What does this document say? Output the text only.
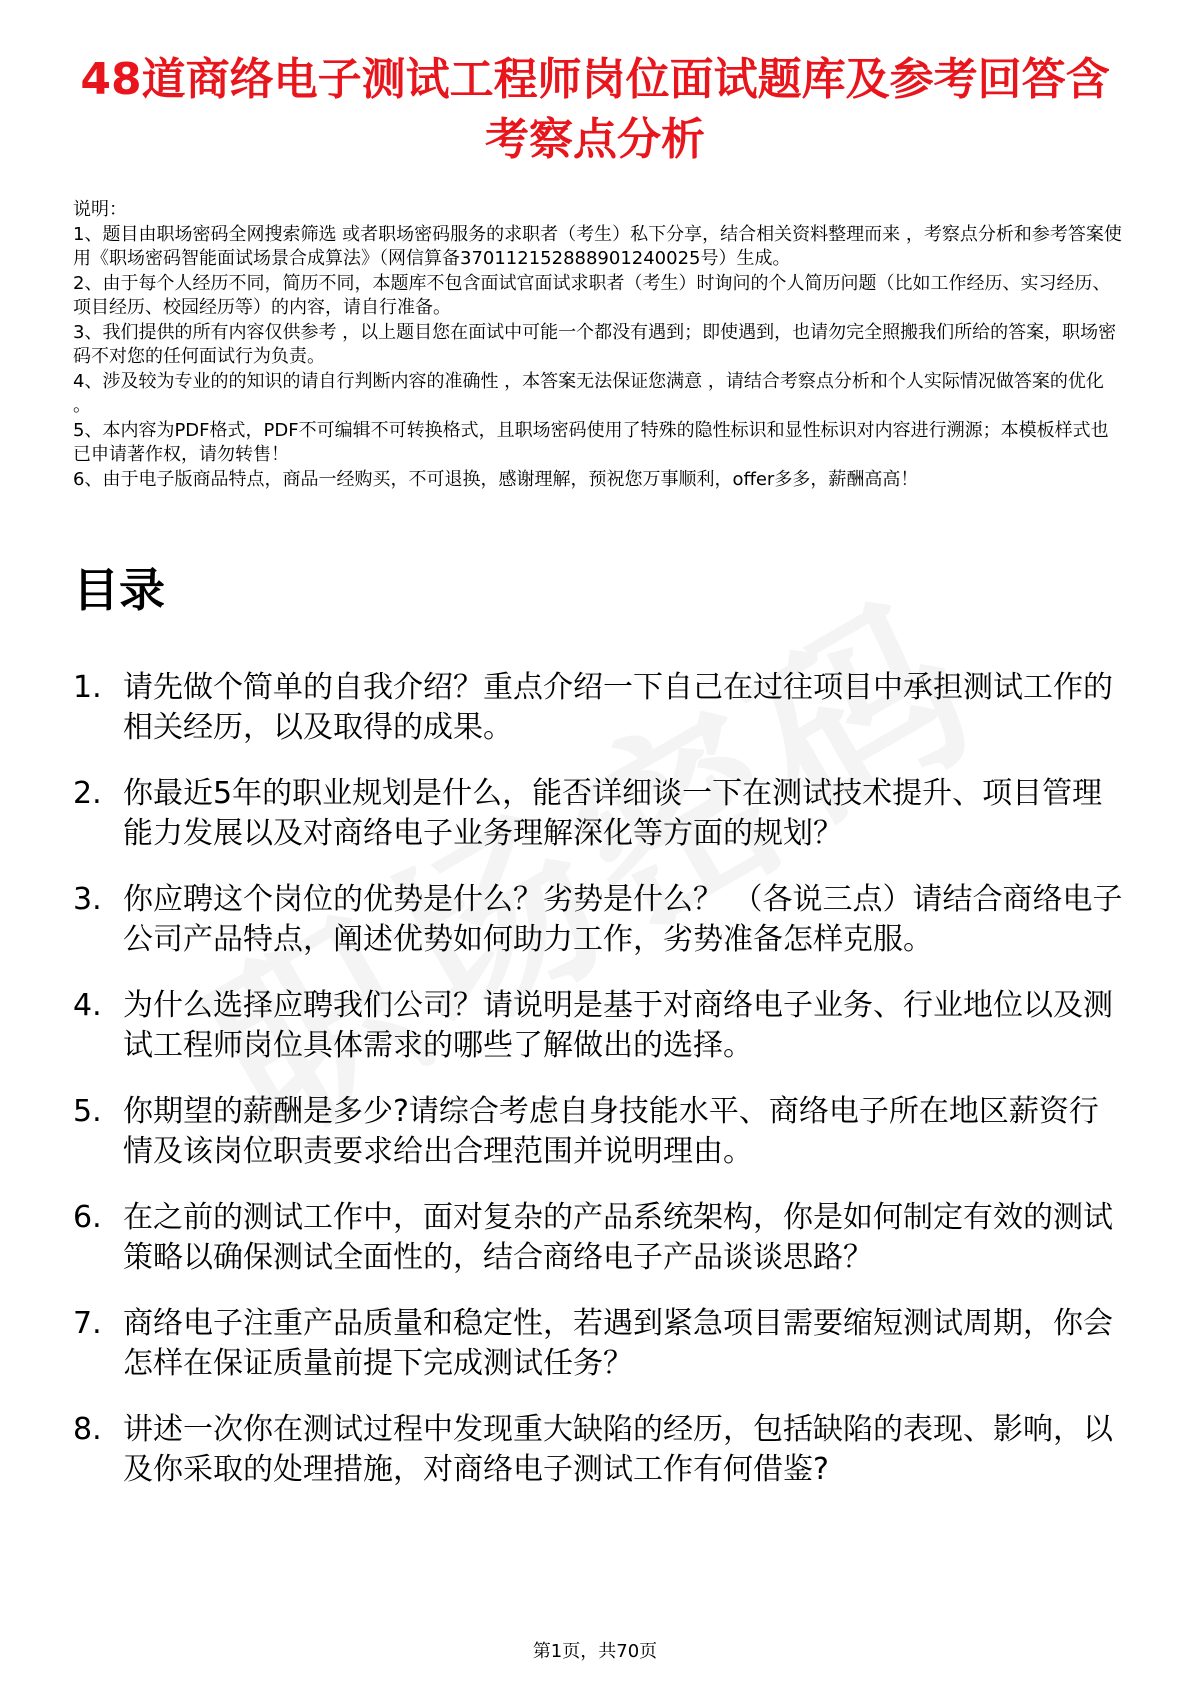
48道商络电子测试工程师岗位面试题库及参考回答含考察点分析

说明：

1、题目由职场密码全网搜索筛选 或者职场密码服务的求职者（考生）私下分享，结合相关资料整理而来 ，考察点分析和参考答案使用《职场密码智能面试场景合成算法》（网信算备370112152888901240025号）生成。

2、由于每个人经历不同，简历不同，本题库不包含面试官面试求职者（考生）时询问的个人简历问题（比如工作经历、实习经历、项目经历、校园经历等）的内容，请自行准备。

3、我们提供的所有内容仅供参考 ，以上题目您在面试中可能一个都没有遇到；即使遇到，也请勿完全照搬我们所给的答案，职场密码不对您的任何面试行为负责。

4、涉及较为专业的的知识的请自行判断内容的准确性 ，本答案无法保证您满意 ，请结合考察点分析和个人实际情况做答案的优化 。

5、本内容为PDF格式，PDF不可编辑不可转换格式，且职场密码使用了特殊的隐性标识和显性标识对内容进行溯源；本模板样式也已申请著作权，请勿转售！

6、由于电子版商品特点，商品一经购买，不可退换，感谢理解，预祝您万事顺利，offer多多，薪酬高高！

目录
1. 请先做个简单的自我介绍？重点介绍一下自己在过往项目中承担测试工作的相关经历，以及取得的成果。
2. 你最近5年的职业规划是什么，能否详细谈一下在测试技术提升、项目管理能力发展以及对商络电子业务理解深化等方面的规划？
3. 你应聘这个岗位的优势是什么？劣势是什么？ （各说三点）请结合商络电子公司产品特点，阐述优势如何助力工作，劣势准备怎样克服。
4. 为什么选择应聘我们公司？请说明是基于对商络电子业务、行业地位以及测试工程师岗位具体需求的哪些了解做出的选择。
5. 你期望的薪酬是多少?请综合考虑自身技能水平、商络电子所在地区薪资行情及该岗位职责要求给出合理范围并说明理由。
6. 在之前的测试工作中，面对复杂的产品系统架构，你是如何制定有效的测试策略以确保测试全面性的，结合商络电子产品谈谈思路？
7. 商络电子注重产品质量和稳定性，若遇到紧急项目需要缩短测试周期，你会怎样在保证质量前提下完成测试任务？
8. 讲述一次你在测试过程中发现重大缺陷的经历，包括缺陷的表现、影响，以及你采取的处理措施，对商络电子测试工作有何借鉴?
第1页，共70页
